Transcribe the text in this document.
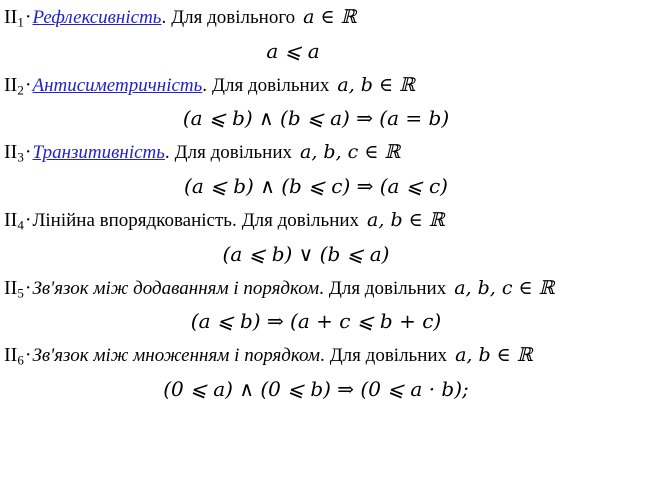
$II_1$ · Рефлексивність . Для довільного a ∈ ℝ
a ⩽ a
$II_2$ · Антисиметричність . Для довільних a, b ∈ ℝ
(a ⩽ b) ∧ (b ⩽ a) ⇒ (a = b)
$II_3$ · Транзитивність . Для довільних a, b, c ∈ ℝ
(a ⩽ b) ∧ (b ⩽ c) ⇒ (a ⩽ c)
$II_4$ · Лінійна впорядкованість. Для довільних a, b ∈ ℝ
(a ⩽ b) ∨ (b ⩽ a)
$II_5$ · Зв'язок між додаванням і порядком . Для довільних a, b, c ∈ ℝ
(a ⩽ b) ⇒ (a + c ⩽ b + c)
$II_6$ · Зв'язок між множенням і порядком . Для довільних a, b ∈ ℝ
(0 ⩽ a) ∧ (0 ⩽ b) ⇒ (0 ⩽ a · b);
